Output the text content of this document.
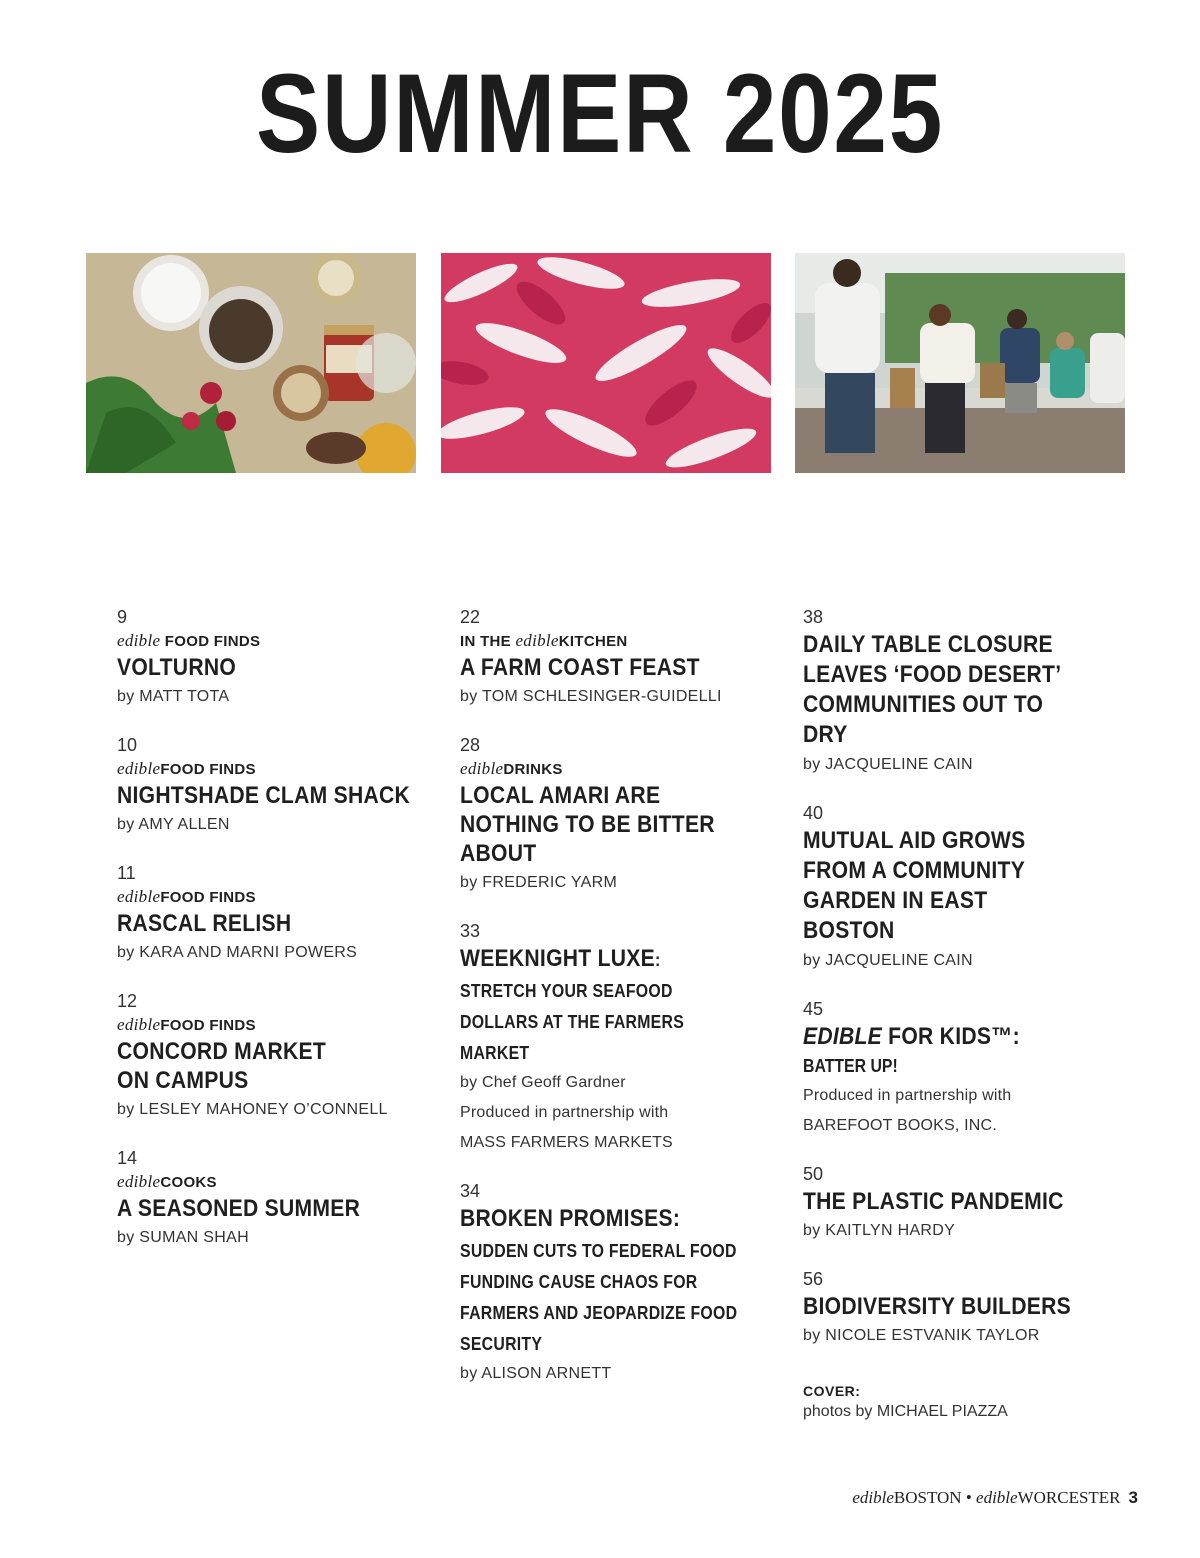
SUMMER 2025
9
edible FOOD FINDS
VOLTURNO
by MATT TOTA
10
edibleFOOD FINDS
NIGHTSHADE CLAM SHACK
by AMY ALLEN
11
edibleFOOD FINDS
RASCAL RELISH
by KARA AND MARNI POWERS
12
edibleFOOD FINDS
CONCORD MARKET ON CAMPUS
by LESLEY MAHONEY O’CONNELL
14
edibleCOOKS
A SEASONED SUMMER
by SUMAN SHAH
22
IN THE edibleKITCHEN
A FARM COAST FEAST
by TOM SCHLESINGER-GUIDELLI
28
edibleDRINKS
LOCAL AMARI ARE NOTHING TO BE BITTER ABOUT
by FREDERIC YARM
33
WEEKNIGHT LUXE: STRETCH YOUR SEAFOOD DOLLARS AT THE FARMERS MARKET
by Chef Geoff Gardner
Produced in partnership with
MASS FARMERS MARKETS
34
BROKEN PROMISES: SUDDEN CUTS TO FEDERAL FOOD FUNDING CAUSE CHAOS FOR FARMERS AND JEOPARDIZE FOOD SECURITY
by ALISON ARNETT
38
DAILY TABLE CLOSURE LEAVES ‘FOOD DESERT’ COMMUNITIES OUT TO DRY
by JACQUELINE CAIN
40
MUTUAL AID GROWS FROM A COMMUNITY GARDEN IN EAST BOSTON
by JACQUELINE CAIN
45
EDIBLE FOR KIDS™:
BATTER UP!
Produced in partnership with
BAREFOOT BOOKS, INC.
50
THE PLASTIC PANDEMIC
by KAITLYN HARDY
56
BIODIVERSITY BUILDERS
by NICOLE ESTVANIK TAYLOR
COVER:
photos by MICHAEL PIAZZA
edibleBOSTON • edibleWORCESTER 3
